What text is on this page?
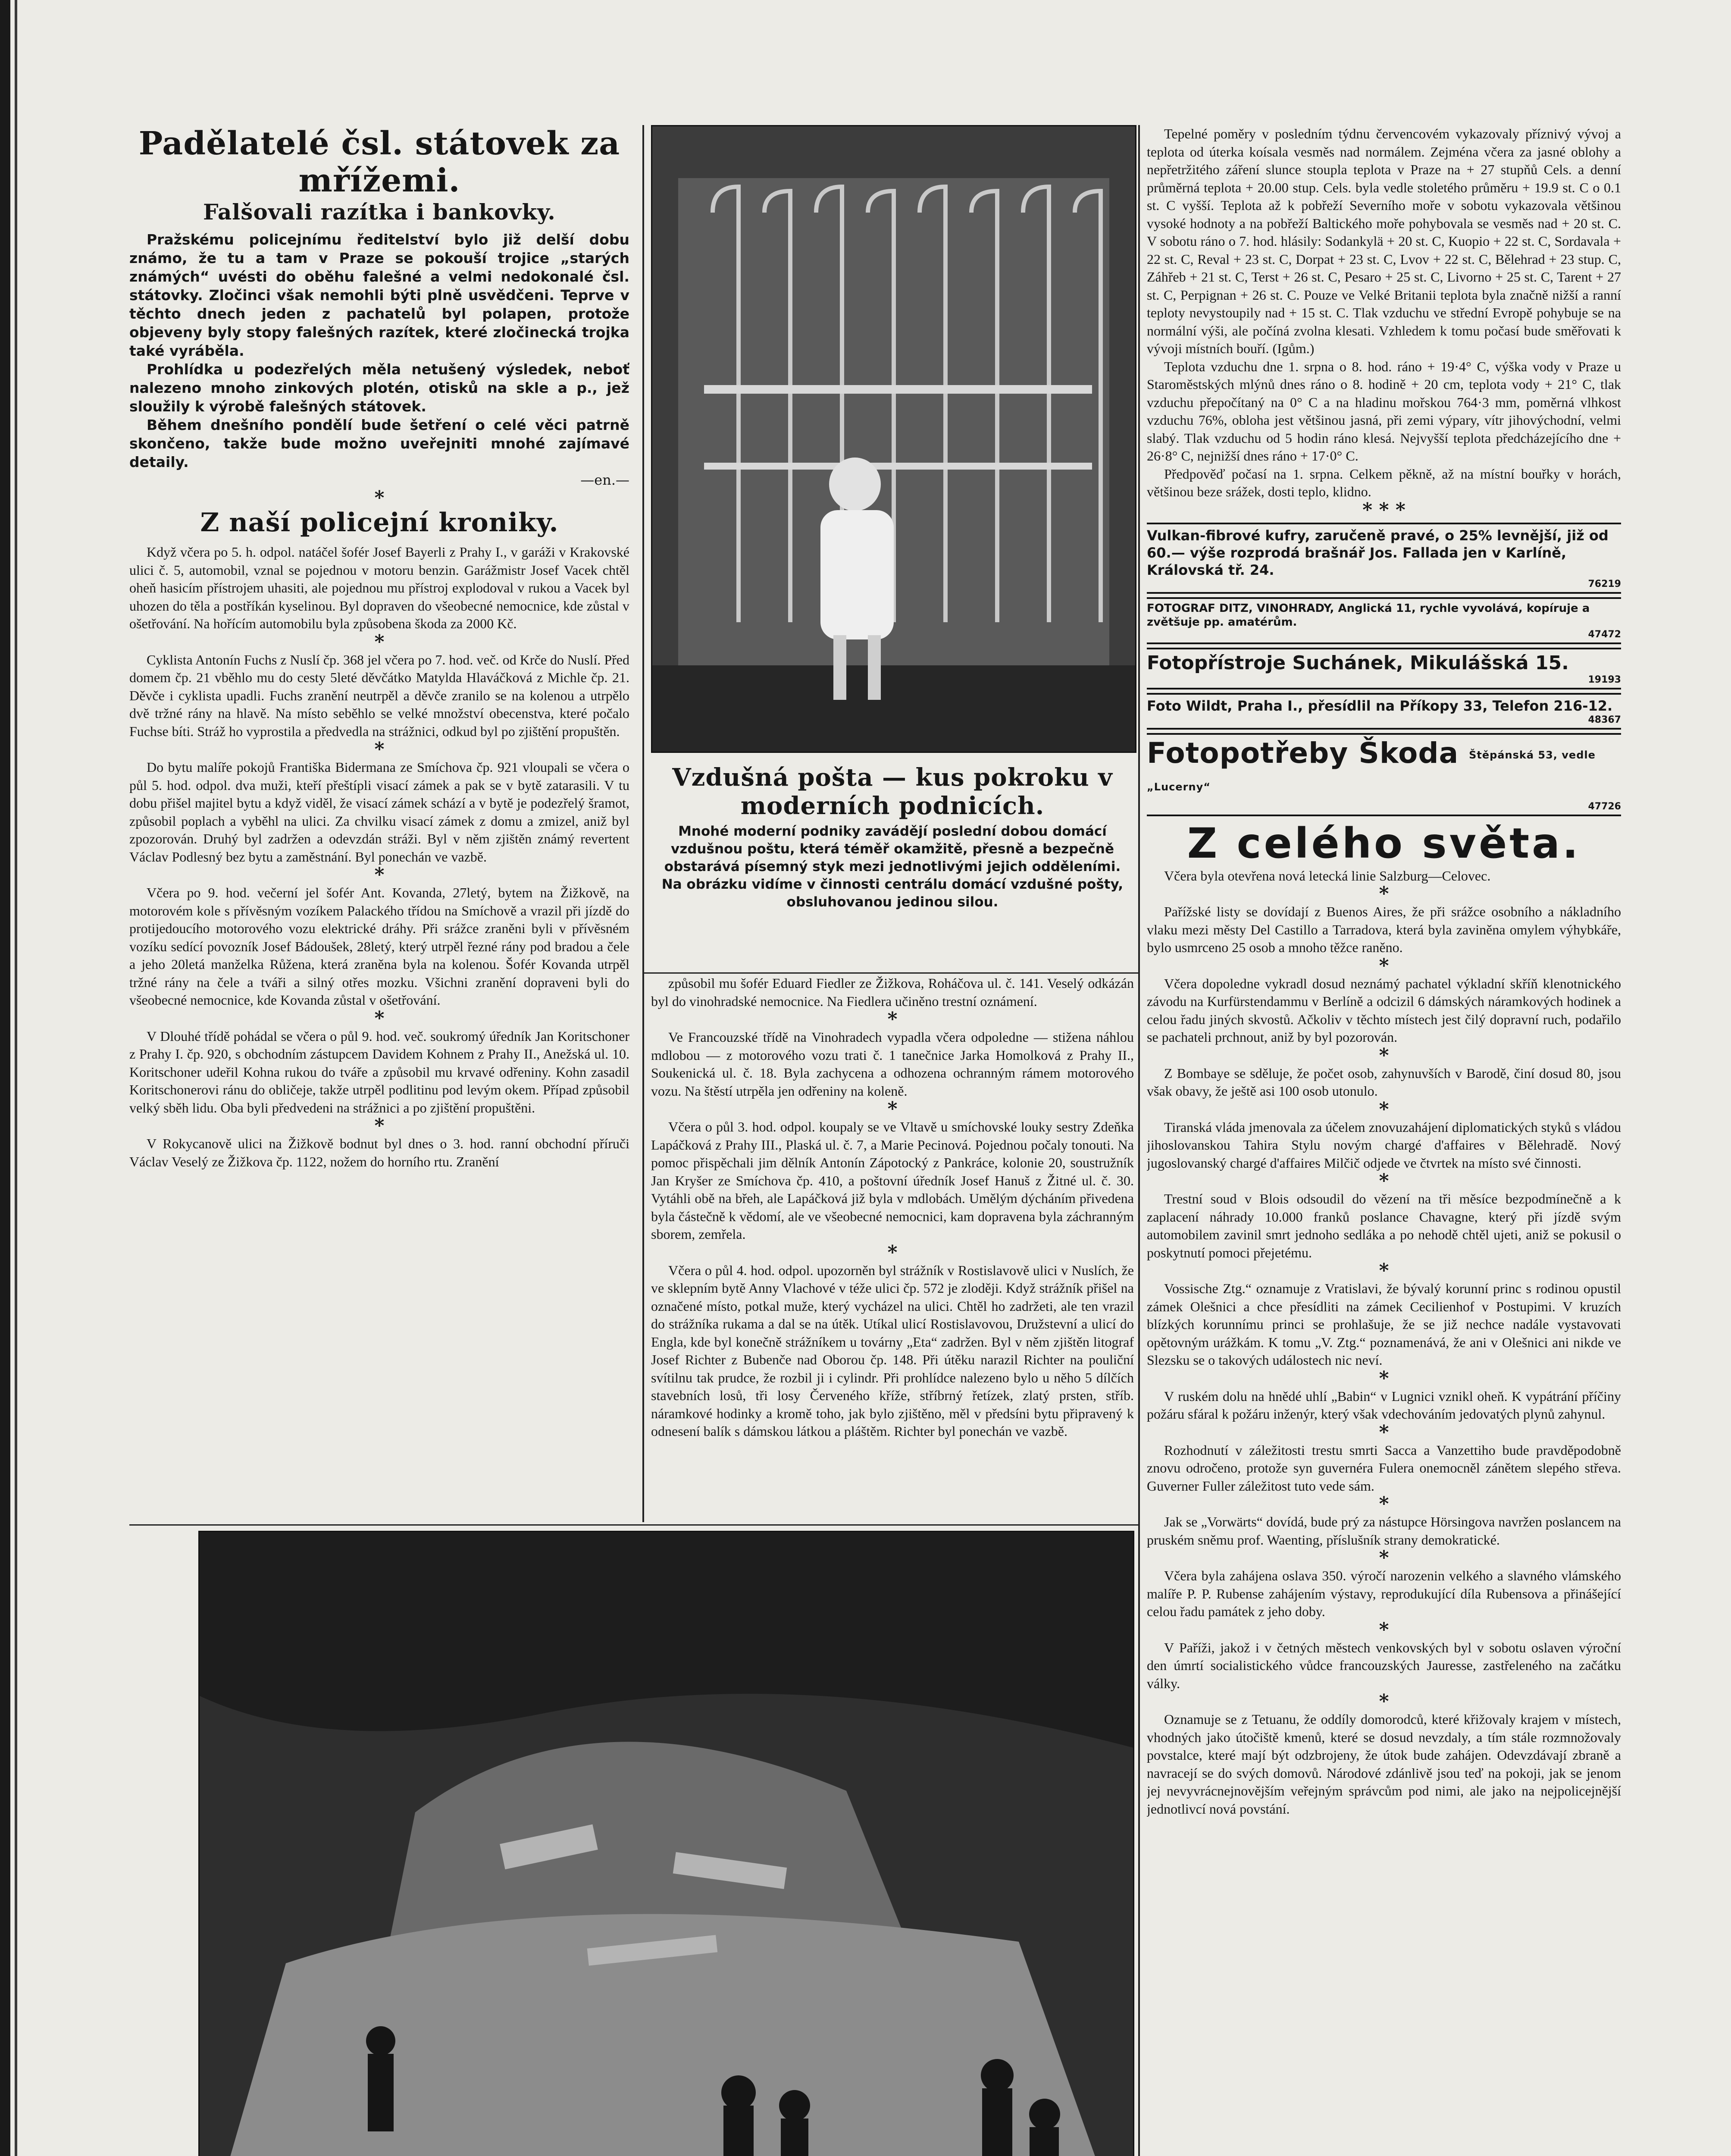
Padělatelé čsl. státovek za mřížemi.
Falšovali razítka i bankovky.

Pražskému policejnímu ředitelství bylo již delší dobu známo, že tu a tam v Praze se pokouší trojice „starých známých“ uvésti do oběhu falešné a velmi nedokonalé čsl. státovky. Zločinci však nemohli býti plně usvědčeni. Teprve v těchto dnech jeden z pachatelů byl polapen, protože objeveny byly stopy falešných razítek, které zločinecká trojka také vyráběla.

Prohlídka u podezřelých měla netušený výsledek, neboť nalezeno mnoho zinkových plotén, otisků na skle a p., jež sloužily k výrobě falešných státovek.

Během dnešního pondělí bude šetření o celé věci patrně skončeno, takže bude možno uveřejniti mnohé zajímavé detaily.

—en.—

*

Z naší policejní kroniky.

Když včera po 5. h. odpol. natáčel šofér Josef Bayerli z Prahy I., v garáži v Krakovské ulici č. 5, automobil, vznal se pojednou v motoru benzin. Garážmistr Josef Vacek chtěl oheň hasicím přístrojem uhasiti, ale pojednou mu přístroj explodoval v rukou a Vacek byl uhozen do těla a postříkán kyselinou. Byl dopraven do všeobecné nemocnice, kde zůstal v ošetřování. Na hořícím automobilu byla způsobena škoda za 2000 Kč.

*

Cyklista Antonín Fuchs z Nuslí čp. 368 jel včera po 7. hod. več. od Krče do Nuslí. Před domem čp. 21 vběhlo mu do cesty 5leté děvčátko Matylda Hlaváčková z Michle čp. 21. Děvče i cyklista upadli. Fuchs zranění neutrpěl a děvče zranilo se na kolenou a utrpělo dvě tržné rány na hlavě. Na místo seběhlo se velké množství obecenstva, které počalo Fuchse bíti. Stráž ho vyprostila a předvedla na strážnici, odkud byl po zjištění propuštěn.

*

Do bytu malíře pokojů Františka Bidermana ze Smíchova čp. 921 vloupali se včera o půl 5. hod. odpol. dva muži, kteří přeštípli visací zámek a pak se v bytě zatarasili. V tu dobu přišel majitel bytu a když viděl, že visací zámek schází a v bytě je podezřelý šramot, způsobil poplach a vyběhl na ulici. Za chvilku visací zámek z domu a zmizel, aniž byl zpozorován. Druhý byl zadržen a odevzdán stráži. Byl v něm zjištěn známý revertent Václav Podlesný bez bytu a zaměstnání. Byl ponechán ve vazbě.

*

Včera po 9. hod. večerní jel šofér Ant. Kovanda, 27letý, bytem na Žižkově, na motorovém kole s přívěsným vozíkem Palackého třídou na Smíchově a vrazil při jízdě do protijedoucího motorového vozu elektrické dráhy. Při srážce zraněni byli v přívěsném vozíku sedící povozník Josef Bádoušek, 28letý, který utrpěl řezné rány pod bradou a čele a jeho 20letá manželka Růžena, která zraněna byla na kolenou. Šofér Kovanda utrpěl tržné rány na čele a tváři a silný otřes mozku. Všichni zranění dopraveni byli do všeobecné nemocnice, kde Kovanda zůstal v ošetřování.

*

V Dlouhé třídě pohádal se včera o půl 9. hod. več. soukromý úředník Jan Koritschoner z Prahy I. čp. 920, s obchodním zástupcem Davidem Kohnem z Prahy II., Anežská ul. 10. Koritschoner udeřil Kohna rukou do tváře a způsobil mu krvavé odřeniny. Kohn zasadil Koritschonerovi ránu do obličeje, takže utrpěl podlitinu pod levým okem. Případ způsobil velký sběh lidu. Oba byli předvedeni na strážnici a po zjištění propuštěni.

*

V Rokycanově ulici na Žižkově bodnut byl dnes o 3. hod. ranní obchodní příruči Václav Veselý ze Žižkova čp. 1122, nožem do horního rtu. Zranění

Vzdušná pošta — kus pokroku v moderních podnicích.

Mnohé moderní podniky zavádějí poslední dobou domácí vzdušnou poštu, která téměř okamžitě, přesně a bezpečně obstarává písemný styk mezi jednotlivými jejich odděleními. Na obrázku vidíme v činnosti centrálu domácí vzdušné pošty, obsluhovanou jedinou silou.

způsobil mu šofér Eduard Fiedler ze Žižkova, Roháčova ul. č. 141. Veselý odkázán byl do vinohradské nemocnice. Na Fiedlera učiněno trestní oznámení.

*

Ve Francouzské třídě na Vinohradech vypadla včera odpoledne — stižena náhlou mdlobou — z motorového vozu trati č. 1 tanečnice Jarka Homolková z Prahy II., Soukenická ul. č. 18. Byla zachycena a odhozena ochranným rámem motorového vozu. Na štěstí utrpěla jen odřeniny na koleně.

*

Včera o půl 3. hod. odpol. koupaly se ve Vltavě u smíchovské louky sestry Zdeňka Lapáčková z Prahy III., Plaská ul. č. 7, a Marie Pecinová. Pojednou počaly tonouti. Na pomoc přispěchali jim dělník Antonín Zápotocký z Pankráce, kolonie 20, soustružník Jan Kryšer ze Smíchova čp. 410, a poštovní úředník Josef Hanuš z Žitné ul. č. 30. Vytáhli obě na břeh, ale Lapáčková již byla v mdlobách. Umělým dýcháním přivedena byla částečně k vědomí, ale ve všeobecné nemocnici, kam dopravena byla záchranným sborem, zemřela.

*

Včera o půl 4. hod. odpol. upozorněn byl strážník v Rostislavově ulici v Nuslích, že ve sklepním bytě Anny Vlachové v téže ulici čp. 572 je zloději. Když strážník přišel na označené místo, potkal muže, který vycházel na ulici. Chtěl ho zadržeti, ale ten vrazil do strážníka rukama a dal se na útěk. Utíkal ulicí Rostislavovou, Družstevní a ulicí do Engla, kde byl konečně strážníkem u továrny „Eta“ zadržen. Byl v něm zjištěn litograf Josef Richter z Bubenče nad Oborou čp. 148. Při útěku narazil Richter na pouliční svítilnu tak prudce, že rozbil ji i cylindr. Při prohlídce nalezeno bylo u něho 5 dílčích stavebních losů, tři losy Červeného kříže, stříbrný řetízek, zlatý prsten, stříb. náramkové hodinky a kromě toho, jak bylo zjištěno, měl v předsíni bytu připravený k odnesení balík s dámskou látkou a pláštěm. Richter byl ponechán ve vazbě.

Tepelné poměry v posledním týdnu červencovém vykazovaly příznivý vývoj a teplota od úterka koísala vesměs nad normálem. Zejména včera za jasné oblohy a nepřetržitého záření slunce stoupla teplota v Praze na + 27 stupňů Cels. a denní průměrná teplota + 20.00 stup. Cels. byla vedle stoletého průměru + 19.9 st. C o 0.1 st. C vyšší. Teplota až k pobřeží Severního moře v sobotu vykazovala většinou vysoké hodnoty a na pobřeží Baltického moře pohybovala se vesměs nad + 20 st. C. V sobotu ráno o 7. hod. hlásily: Sodankylä + 20 st. C, Kuopio + 22 st. C, Sordavala + 22 st. C, Reval + 23 st. C, Dorpat + 23 st. C, Lvov + 22 st. C, Bělehrad + 23 stup. C, Záhřeb + 21 st. C, Terst + 26 st. C, Pesaro + 25 st. C, Livorno + 25 st. C, Tarent + 27 st. C, Perpignan + 26 st. C. Pouze ve Velké Britanii teplota byla značně nižší a ranní teploty nevystoupily nad + 15 st. C. Tlak vzduchu ve střední Evropě pohybuje se na normální výši, ale počíná zvolna klesati. Vzhledem k tomu počasí bude směřovati k vývoji místních bouří. (Igům.)

Teplota vzduchu dne 1. srpna o 8. hod. ráno + 19·4° C, výška vody v Praze u Staroměstských mlýnů dnes ráno o 8. hodině + 20 cm, teplota vody + 21° C, tlak vzduchu přepočítaný na 0° C a na hladinu mořskou 764·3 mm, poměrná vlhkost vzduchu 76%, obloha jest většinou jasná, při zemi výpary, vítr jihovýchodní, velmi slabý. Tlak vzduchu od 5 hodin ráno klesá. Nejvyšší teplota předcházejícího dne + 26·8° C, nejnižší dnes ráno + 17·0° C.

Předpověď počasí na 1. srpna. Celkem pěkně, až na místní bouřky v horách, většinou beze srážek, dosti teplo, klidno.

* * *

Vulkan-fibrové kufry, zaručeně pravé, o 25% levnější, již od 60.— výše rozprodá brašnář Jos. Fallada jen v Karlíně, Královská tř. 24.

76219

FOTOGRAF DITZ, VINOHRADY, Anglická 11, rychle vyvolává, kopíruje a zvětšuje pp. amatérům.

47472

Fotopřístroje Suchánek, Mikulášská 15.

19193

Foto Wildt, Praha I., přesídlil na Příkopy 33, Telefon 216-12.

48367

Fotopotřeby Škoda Štěpánská 53, vedle „Lucerny“

47726
Z celého světa.

Včera byla otevřena nová letecká linie Salzburg—Celovec.

*

Pařížské listy se dovídají z Buenos Aires, že při srážce osobního a nákladního vlaku mezi městy Del Castillo a Tarradova, která byla zaviněna omylem výhybkáře, bylo usmrceno 25 osob a mnoho těžce raněno.

*

Včera dopoledne vykradl dosud neznámý pachatel výkladní skříň klenotnického závodu na Kurfürstendammu v Berlíně a odcizil 6 dámských náramkových hodinek a celou řadu jiných skvostů. Ačkoliv v těchto místech jest čilý dopravní ruch, podařilo se pachateli prchnout, aniž by byl pozorován.

*

Z Bombaye se sděluje, že počet osob, zahynuvších v Barodě, činí dosud 80, jsou však obavy, že ještě asi 100 osob utonulo.

*

Tiranská vláda jmenovala za účelem znovuzahájení diplomatických styků s vládou jihoslovanskou Tahira Stylu novým chargé d'affaires v Bělehradě. Nový jugoslovanský chargé d'affaires Milčič odjede ve čtvrtek na místo své činnosti.

*

Trestní soud v Blois odsoudil do vězení na tři měsíce bezpodmínečně a k zaplacení náhrady 10.000 franků poslance Chavagne, který při jízdě svým automobilem zavinil smrt jednoho sedláka a po nehodě chtěl ujeti, aniž se pokusil o poskytnutí pomoci přejetému.

*

Vossische Ztg.“ oznamuje z Vratislavi, že bývalý korunní princ s rodinou opustil zámek Olešnici a chce přesídliti na zámek Cecilienhof v Postupimi. V kruzích blízkých korunnímu princi se prohlašuje, že se již nechce nadále vystavovati opětovným urážkám. K tomu „V. Ztg.“ poznamenává, že ani v Olešnici ani nikde ve Slezsku se o takových událostech nic neví.

*

V ruském dolu na hnědé uhlí „Babin“ v Lugnici vznikl oheň. K vypátrání příčiny požáru sfáral k požáru inženýr, který však vdechováním jedovatých plynů zahynul.

*

Rozhodnutí v záležitosti trestu smrti Sacca a Vanzettiho bude pravděpodobně znovu odročeno, protože syn guvernéra Fulera onemocněl zánětem slepého střeva. Guverner Fuller záležitost tuto vede sám.

*

Jak se „Vorwärts“ dovídá, bude prý za nástupce Hörsingova navržen poslancem na pruském sněmu prof. Waenting, příslušník strany demokratické.

*

Včera byla zahájena oslava 350. výročí narozenin velkého a slavného vlámského malíře P. P. Rubense zahájením výstavy, reprodukující díla Rubensova a přinášející celou řadu památek z jeho doby.

*

V Paříži, jakož i v četných městech venkovských byl v sobotu oslaven výroční den úmrtí socialistického vůdce francouzských Jauresse, zastřeleného na začátku války.

*

Oznamuje se z Tetuanu, že oddíly domorodců, které křižovaly krajem v místech, vhodných jako útočiště kmenů, které se dosud nevzdaly, a tím stále rozmnožovaly povstalce, které mají být odzbrojeny, že útok bude zahájen. Odevzdávají zbraně a navracejí se do svých domovů. Národové zdánlivě jsou teď na pokoji, jak se jenom jej nevyvrácnejnovějším veřejným správcům pod nimi, ale jako na nejpolicejnější jednotlivcí nová povstání.
